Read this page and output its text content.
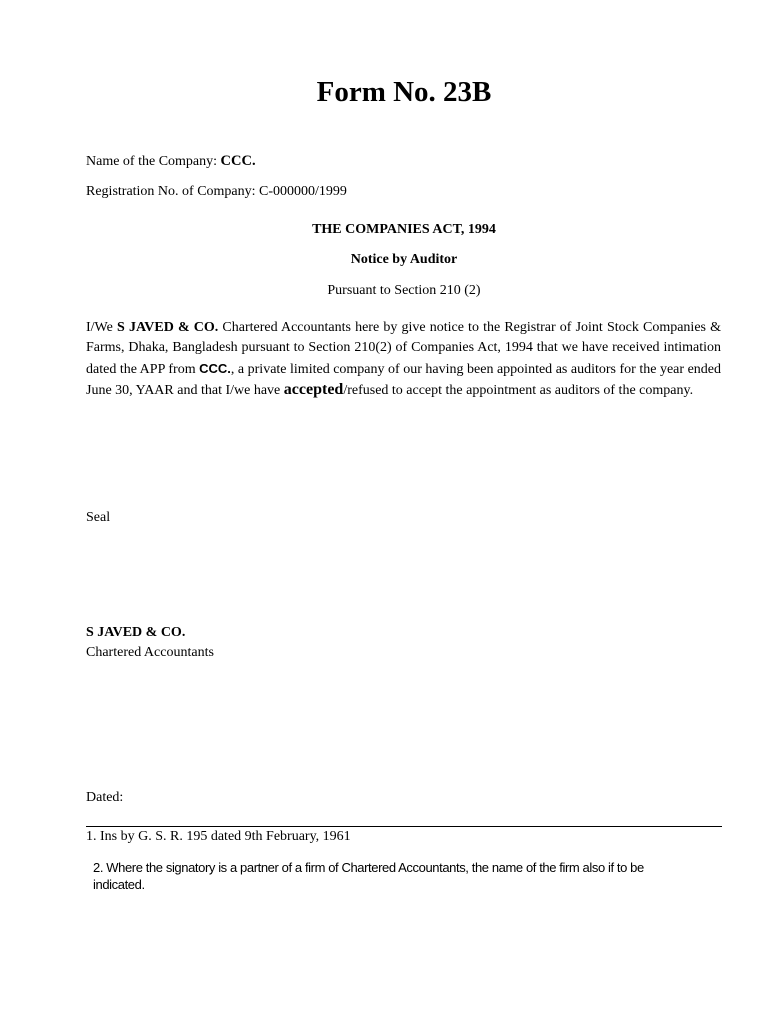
Form No. 23B
Name of the Company: CCC.
Registration No. of Company: C-000000/1999
THE COMPANIES ACT, 1994
Notice by Auditor
Pursuant to Section 210 (2)
I/We S JAVED & CO. Chartered Accountants here by give notice to the Registrar of Joint Stock Companies & Farms, Dhaka, Bangladesh pursuant to Section 210(2) of Companies Act, 1994 that we have received intimation dated the APP from CCC., a private limited company of our having been appointed as auditors for the year ended June 30, YAAR and that I/we have accepted/refused to accept the appointment as auditors of the company.
Seal
S JAVED & CO.
Chartered Accountants
Dated:
1. Ins by G. S. R. 195 dated 9th February, 1961
2. Where the signatory is a partner of a firm of Chartered Accountants, the name of the firm also if to be indicated.
